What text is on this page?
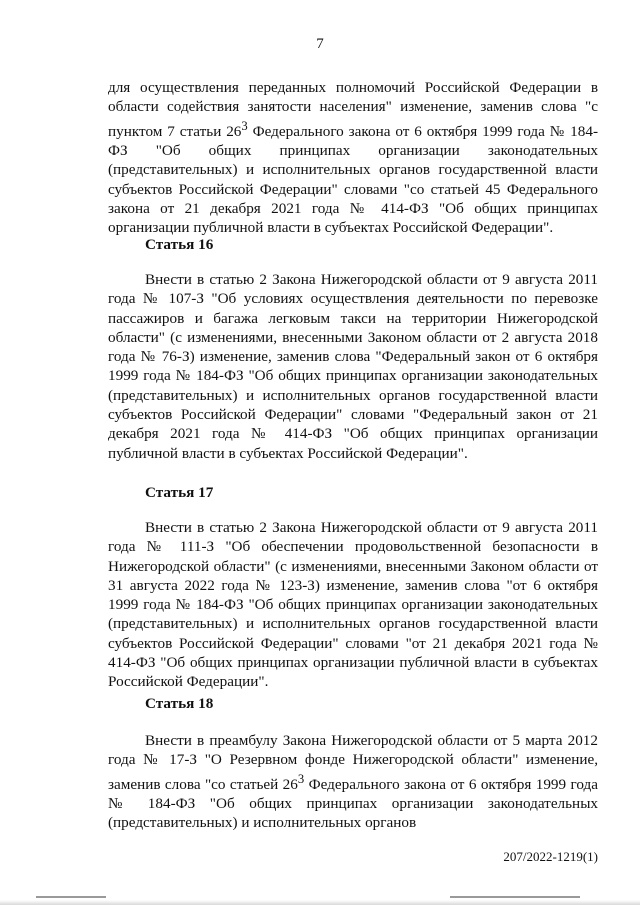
7

для осуществления переданных полномочий Российской Федерации в области содействия занятости населения" изменение, заменив слова "с пунктом 7 статьи $26^3$ Федерального закона от 6 октября 1999 года № 184-ФЗ "Об общих принципах организации законодательных (представительных) и исполнительных органов государственной власти субъектов Российской Федерации" словами "со статьей 45 Федерального закона от 21 декабря 2021 года № 414-ФЗ "Об общих принципах организации публичной власти в субъектах Российской Федерации".

Статья 16

Внести в статью 2 Закона Нижегородской области от 9 августа 2011 года № 107-З "Об условиях осуществления деятельности по перевозке пассажиров и багажа легковым такси на территории Нижегородской области" (с изменениями, внесенными Законом области от 2 августа 2018 года № 76-З) изменение, заменив слова "Федеральный закон от 6 октября 1999 года № 184-ФЗ "Об общих принципах организации законодательных (представительных) и исполнительных органов государственной власти субъектов Российской Федерации" словами "Федеральный закон от 21 декабря 2021 года № 414-ФЗ "Об общих принципах организации публичной власти в субъектах Российской Федерации".

Статья 17

Внести в статью 2 Закона Нижегородской области от 9 августа 2011 года № 111-З "Об обеспечении продовольственной безопасности в Нижегородской области" (с изменениями, внесенными Законом области от 31 августа 2022 года № 123-З) изменение, заменив слова "от 6 октября 1999 года № 184-ФЗ "Об общих принципах организации законодательных (представительных) и исполнительных органов государственной власти субъектов Российской Федерации" словами "от 21 декабря 2021 года № 414-ФЗ "Об общих принципах организации публичной власти в субъектах Российской Федерации".

Статья 18

Внести в преамбулу Закона Нижегородской области от 5 марта 2012 года № 17-З "О Резервном фонде Нижегородской области" изменение, заменив слова "со статьей $26^3$ Федерального закона от 6 октября 1999 года № 184-ФЗ "Об общих принципах организации законодательных (представительных) и исполнительных органов

207/2022-1219(1)
